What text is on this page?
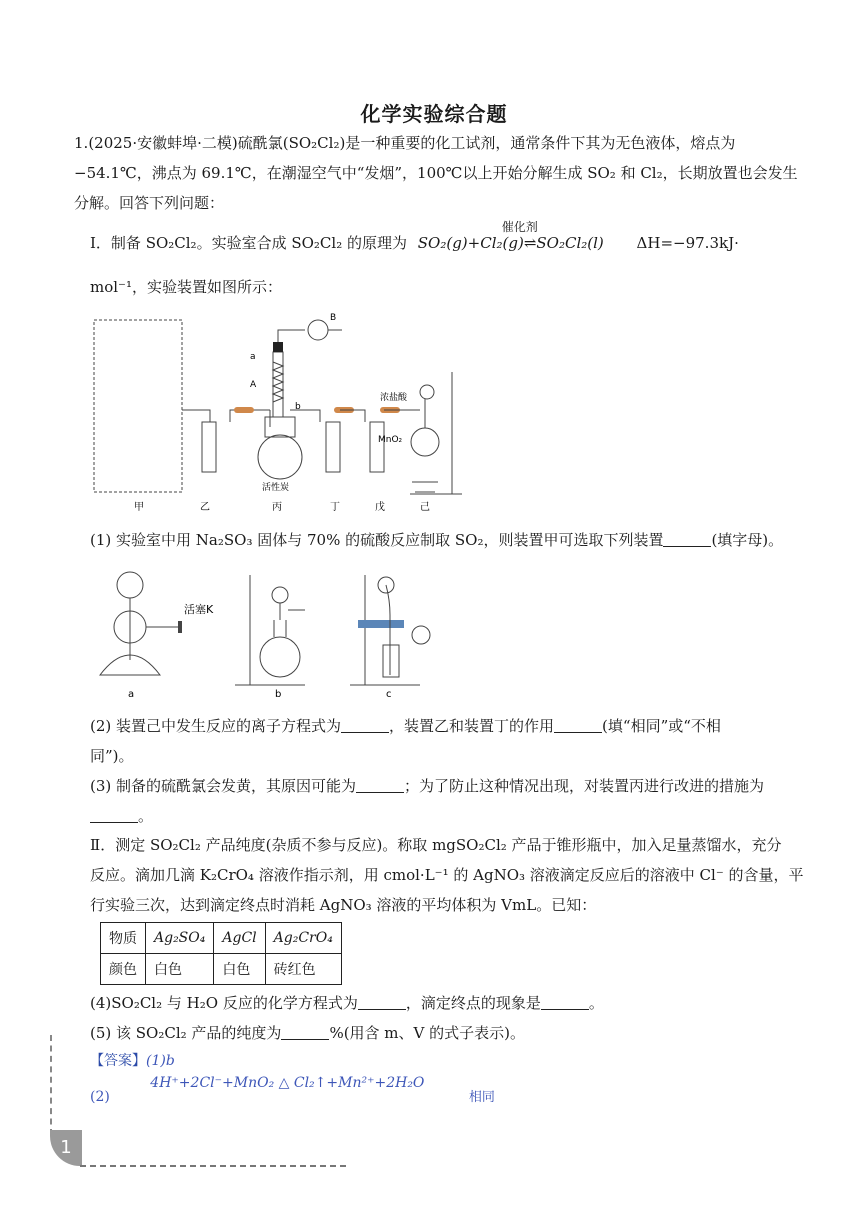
化学实验综合题
1.(2025·安徽蚌埠·二模)硫酰氯(SO₂Cl₂)是一种重要的化工试剂，通常条件下其为无色液体，熔点为
−54.1℃，沸点为 69.1℃，在潮湿空气中“发烟”，100℃以上开始分解生成 SO₂ 和 Cl₂，长期放置也会发生
分解。回答下列问题：
Ⅰ．制备 SO₂Cl₂。实验室合成 SO₂Cl₂ 的原理为
催化剂
SO₂(g)+Cl₂(g)⇌SO₂Cl₂(l) ΔH=−97.3kJ·
mol⁻¹，实验装置如图所示：
a
A
b
B
浓盐酸
MnO₂
活性炭
甲	乙	丙	丁	戊	己
(1) 实验室中用 Na₂SO₃ 固体与 70% 的硫酸反应制取 SO₂，则装置甲可选取下列装置	(填字母)。
活塞K
a	b	c
(2) 装置己中发生反应的离子方程式为	，装置乙和装置丁的作用	(填“相同”或“不相
同”)。
(3) 制备的硫酰氯会发黄，其原因可能为	；为了防止这种情况出现，对装置丙进行改进的措施为
。
Ⅱ．测定 SO₂Cl₂ 产品纯度(杂质不参与反应)。称取 mgSO₂Cl₂ 产品于锥形瓶中，加入足量蒸馏水，充分
反应。滴加几滴 K₂CrO₄ 溶液作指示剂，用 cmol·L⁻¹ 的 AgNO₃ 溶液滴定反应后的溶液中 Cl⁻ 的含量，平
行实验三次，达到滴定终点时消耗 AgNO₃ 溶液的平均体积为 VmL。已知：
物质	Ag₂SO₄	AgCl	Ag₂CrO₄
颜色	白色	白色	砖红色
(4)SO₂Cl₂ 与 H₂O 反应的化学方程式为	，滴定终点的现象是	。
(5) 该 SO₂Cl₂ 产品的纯度为	%(用含 m、V 的式子表示)。
【答案】(1)b
(2) 4H⁺+2Cl⁻+MnO₂ △ Cl₂↑+Mn²⁺+2H₂O 相同
1
